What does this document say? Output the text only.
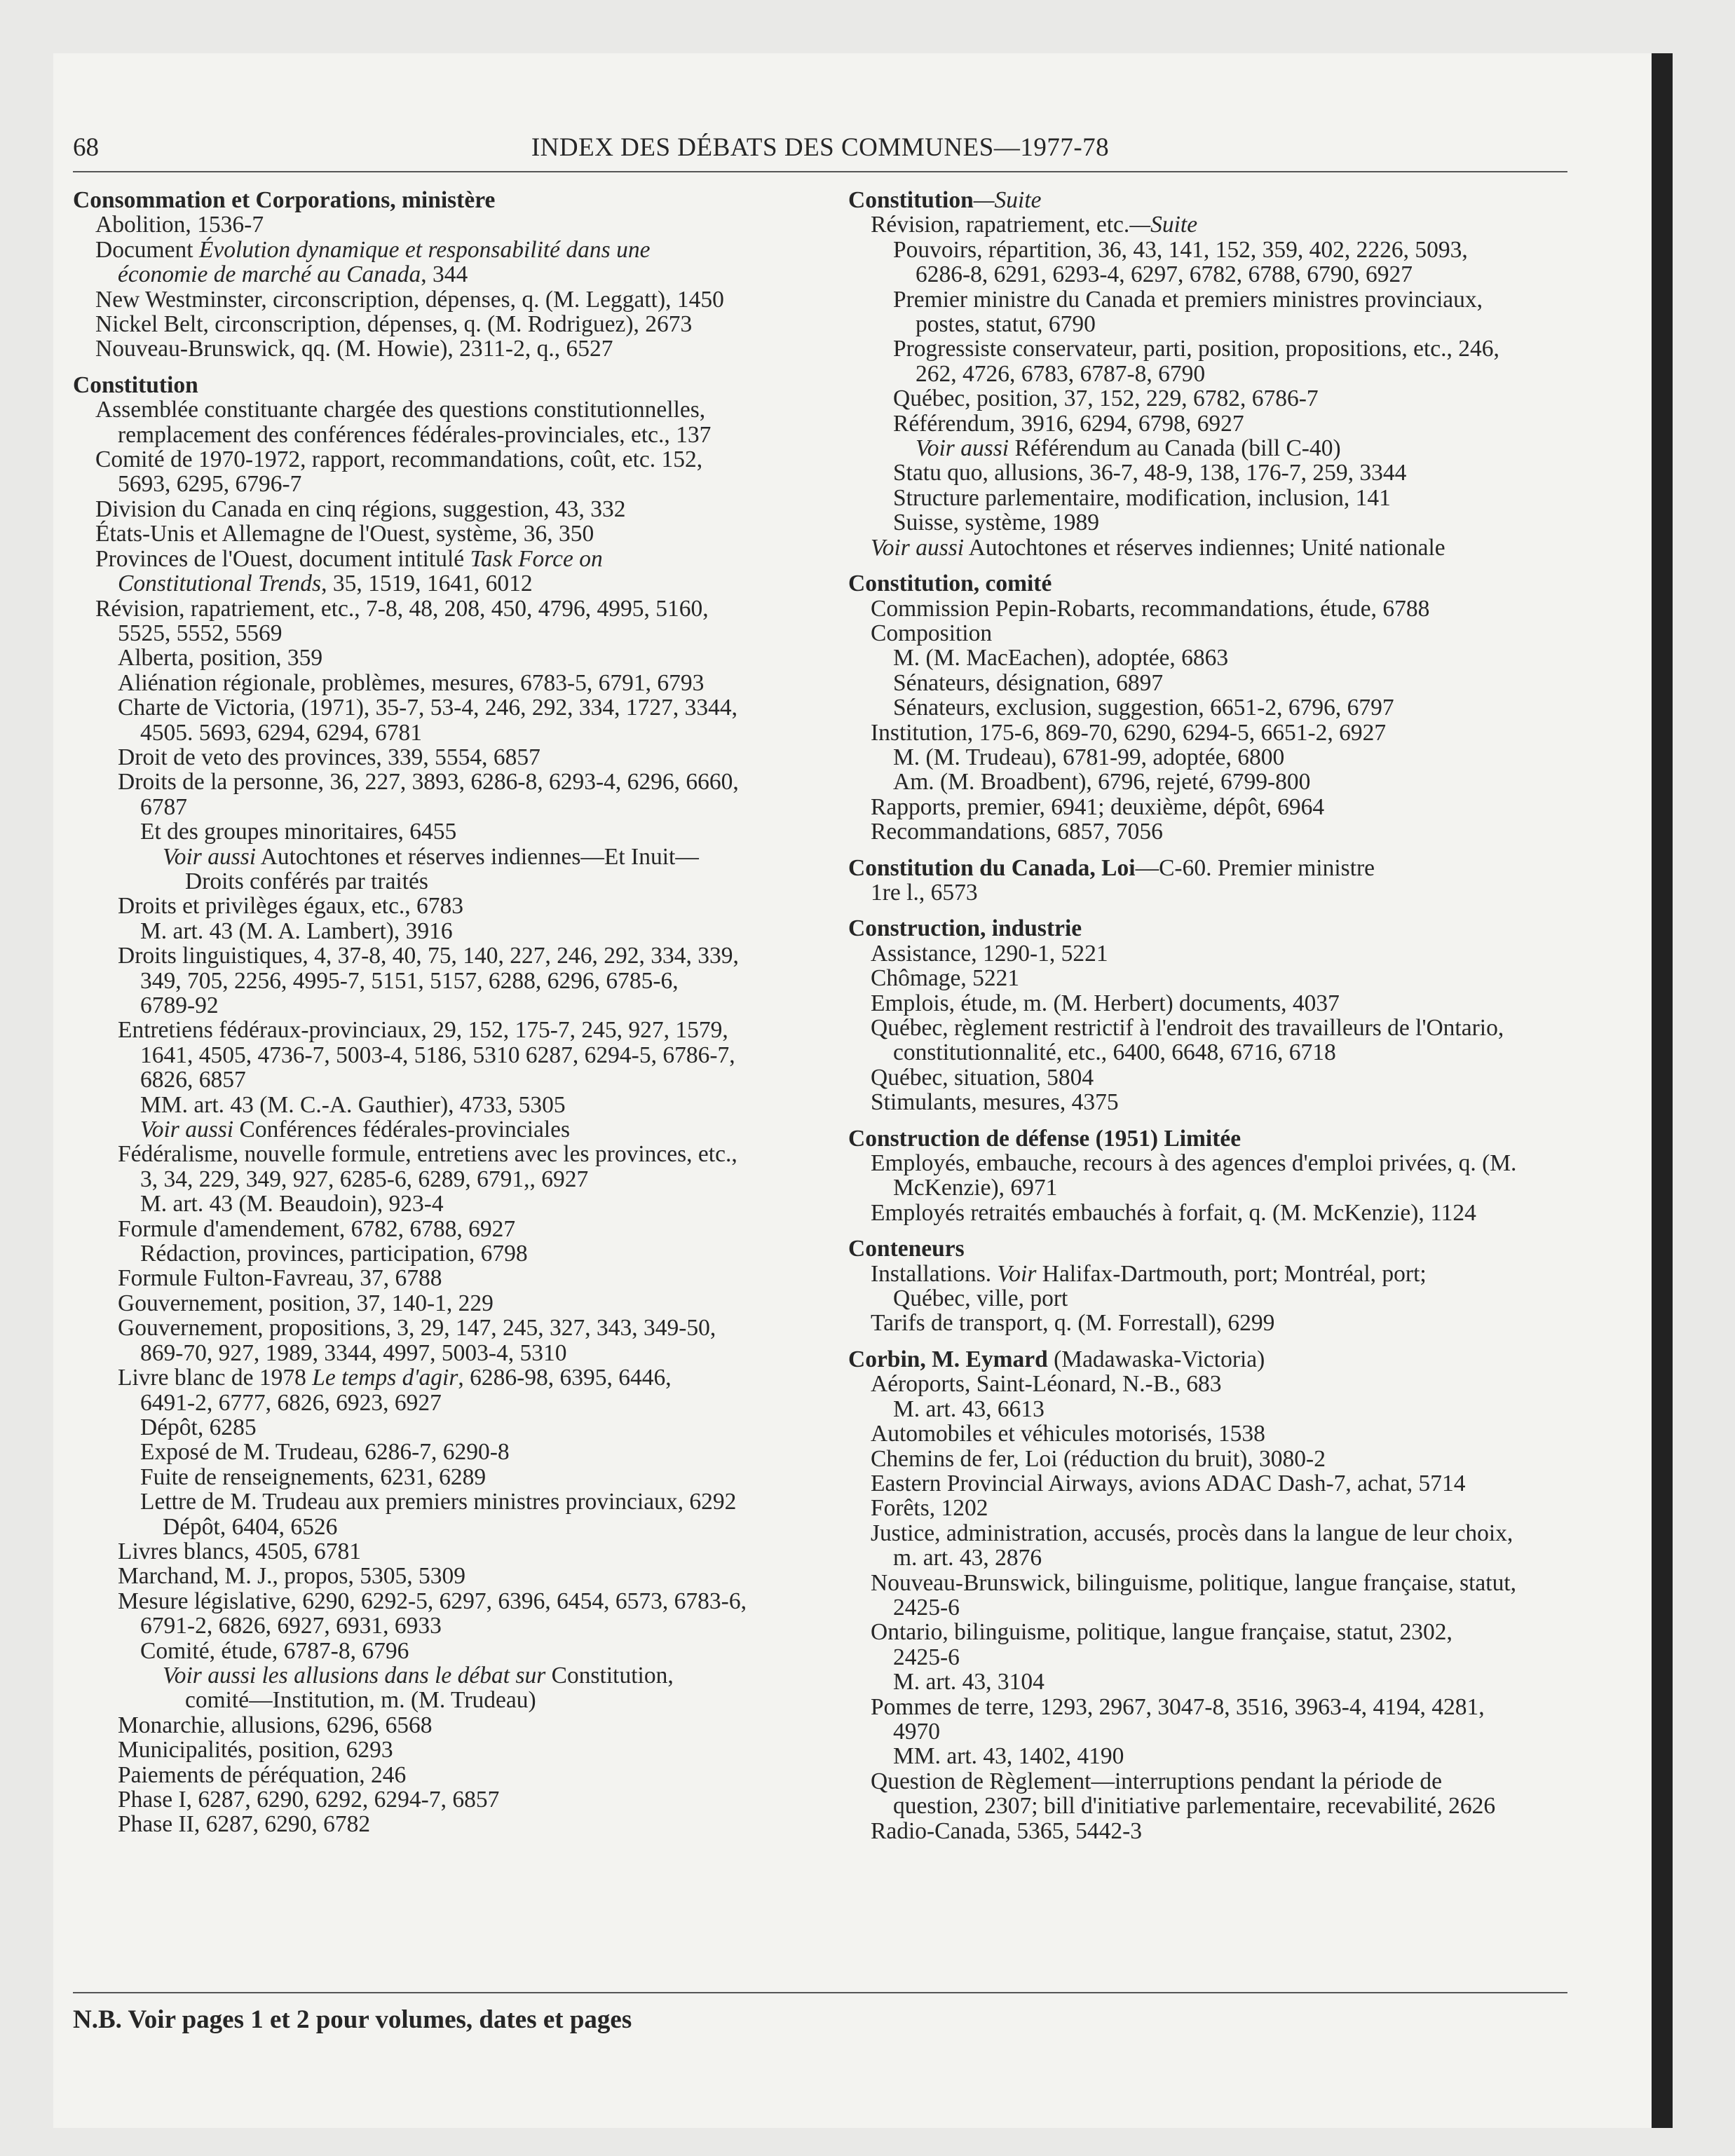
68	INDEX DES DÉBATS DES COMMUNES—1977-78
Consommation et Corporations, ministère
Abolition, 1536-7
Document Évolution dynamique et responsabilité dans une
économie de marché au Canada, 344
New Westminster, circonscription, dépenses, q. (M. Leggatt), 1450
Nickel Belt, circonscription, dépenses, q. (M. Rodriguez), 2673
Nouveau-Brunswick, qq. (M. Howie), 2311-2, q., 6527
Constitution
Assemblée constituante chargée des questions constitutionnelles,
remplacement des conférences fédérales-provinciales, etc., 137
Comité de 1970-1972, rapport, recommandations, coût, etc. 152,
5693, 6295, 6796-7
Division du Canada en cinq régions, suggestion, 43, 332
États-Unis et Allemagne de l'Ouest, système, 36, 350
Provinces de l'Ouest, document intitulé Task Force on
Constitutional Trends, 35, 1519, 1641, 6012
Révision, rapatriement, etc., 7-8, 48, 208, 450, 4796, 4995, 5160,
5525, 5552, 5569
Alberta, position, 359
Aliénation régionale, problèmes, mesures, 6783-5, 6791, 6793
Charte de Victoria, (1971), 35-7, 53-4, 246, 292, 334, 1727, 3344,
4505. 5693, 6294, 6294, 6781
Droit de veto des provinces, 339, 5554, 6857
Droits de la personne, 36, 227, 3893, 6286-8, 6293-4, 6296, 6660,
6787
Et des groupes minoritaires, 6455
Voir aussi Autochtones et réserves indiennes—Et Inuit—
Droits conférés par traités
Droits et privilèges égaux, etc., 6783
M. art. 43 (M. A. Lambert), 3916
Droits linguistiques, 4, 37-8, 40, 75, 140, 227, 246, 292, 334, 339,
349, 705, 2256, 4995-7, 5151, 5157, 6288, 6296, 6785-6,
6789-92
Entretiens fédéraux-provinciaux, 29, 152, 175-7, 245, 927, 1579,
1641, 4505, 4736-7, 5003-4, 5186, 5310 6287, 6294-5, 6786-7,
6826, 6857
MM. art. 43 (M. C.-A. Gauthier), 4733, 5305
Voir aussi Conférences fédérales-provinciales
Fédéralisme, nouvelle formule, entretiens avec les provinces, etc.,
3, 34, 229, 349, 927, 6285-6, 6289, 6791,, 6927
M. art. 43 (M. Beaudoin), 923-4
Formule d'amendement, 6782, 6788, 6927
Rédaction, provinces, participation, 6798
Formule Fulton-Favreau, 37, 6788
Gouvernement, position, 37, 140-1, 229
Gouvernement, propositions, 3, 29, 147, 245, 327, 343, 349-50,
869-70, 927, 1989, 3344, 4997, 5003-4, 5310
Livre blanc de 1978 Le temps d'agir, 6286-98, 6395, 6446,
6491-2, 6777, 6826, 6923, 6927
Dépôt, 6285
Exposé de M. Trudeau, 6286-7, 6290-8
Fuite de renseignements, 6231, 6289
Lettre de M. Trudeau aux premiers ministres provinciaux, 6292
Dépôt, 6404, 6526
Livres blancs, 4505, 6781
Marchand, M. J., propos, 5305, 5309
Mesure législative, 6290, 6292-5, 6297, 6396, 6454, 6573, 6783-6,
6791-2, 6826, 6927, 6931, 6933
Comité, étude, 6787-8, 6796
Voir aussi les allusions dans le débat sur Constitution,
comité—Institution, m. (M. Trudeau)
Monarchie, allusions, 6296, 6568
Municipalités, position, 6293
Paiements de péréquation, 246
Phase I, 6287, 6290, 6292, 6294-7, 6857
Phase II, 6287, 6290, 6782
Constitution—Suite
Révision, rapatriement, etc.—Suite
Pouvoirs, répartition, 36, 43, 141, 152, 359, 402, 2226, 5093,
6286-8, 6291, 6293-4, 6297, 6782, 6788, 6790, 6927
Premier ministre du Canada et premiers ministres provinciaux,
postes, statut, 6790
Progressiste conservateur, parti, position, propositions, etc., 246,
262, 4726, 6783, 6787-8, 6790
Québec, position, 37, 152, 229, 6782, 6786-7
Référendum, 3916, 6294, 6798, 6927
Voir aussi Référendum au Canada (bill C-40)
Statu quo, allusions, 36-7, 48-9, 138, 176-7, 259, 3344
Structure parlementaire, modification, inclusion, 141
Suisse, système, 1989
Voir aussi Autochtones et réserves indiennes; Unité nationale
Constitution, comité
Commission Pepin-Robarts, recommandations, étude, 6788
Composition
M. (M. MacEachen), adoptée, 6863
Sénateurs, désignation, 6897
Sénateurs, exclusion, suggestion, 6651-2, 6796, 6797
Institution, 175-6, 869-70, 6290, 6294-5, 6651-2, 6927
M. (M. Trudeau), 6781-99, adoptée, 6800
Am. (M. Broadbent), 6796, rejeté, 6799-800
Rapports, premier, 6941; deuxième, dépôt, 6964
Recommandations, 6857, 7056
Constitution du Canada, Loi—C-60. Premier ministre
1re l., 6573
Construction, industrie
Assistance, 1290-1, 5221
Chômage, 5221
Emplois, étude, m. (M. Herbert) documents, 4037
Québec, règlement restrictif à l'endroit des travailleurs de l'Ontario,
constitutionnalité, etc., 6400, 6648, 6716, 6718
Québec, situation, 5804
Stimulants, mesures, 4375
Construction de défense (1951) Limitée
Employés, embauche, recours à des agences d'emploi privées, q. (M.
McKenzie), 6971
Employés retraités embauchés à forfait, q. (M. McKenzie), 1124
Conteneurs
Installations. Voir Halifax-Dartmouth, port; Montréal, port;
Québec, ville, port
Tarifs de transport, q. (M. Forrestall), 6299
Corbin, M. Eymard (Madawaska-Victoria)
Aéroports, Saint-Léonard, N.-B., 683
M. art. 43, 6613
Automobiles et véhicules motorisés, 1538
Chemins de fer, Loi (réduction du bruit), 3080-2
Eastern Provincial Airways, avions ADAC Dash-7, achat, 5714
Forêts, 1202
Justice, administration, accusés, procès dans la langue de leur choix,
m. art. 43, 2876
Nouveau-Brunswick, bilinguisme, politique, langue française, statut,
2425-6
Ontario, bilinguisme, politique, langue française, statut, 2302,
2425-6
M. art. 43, 3104
Pommes de terre, 1293, 2967, 3047-8, 3516, 3963-4, 4194, 4281,
4970
MM. art. 43, 1402, 4190
Question de Règlement—interruptions pendant la période de
question, 2307; bill d'initiative parlementaire, recevabilité, 2626
Radio-Canada, 5365, 5442-3
N.B. Voir pages 1 et 2 pour volumes, dates et pages
